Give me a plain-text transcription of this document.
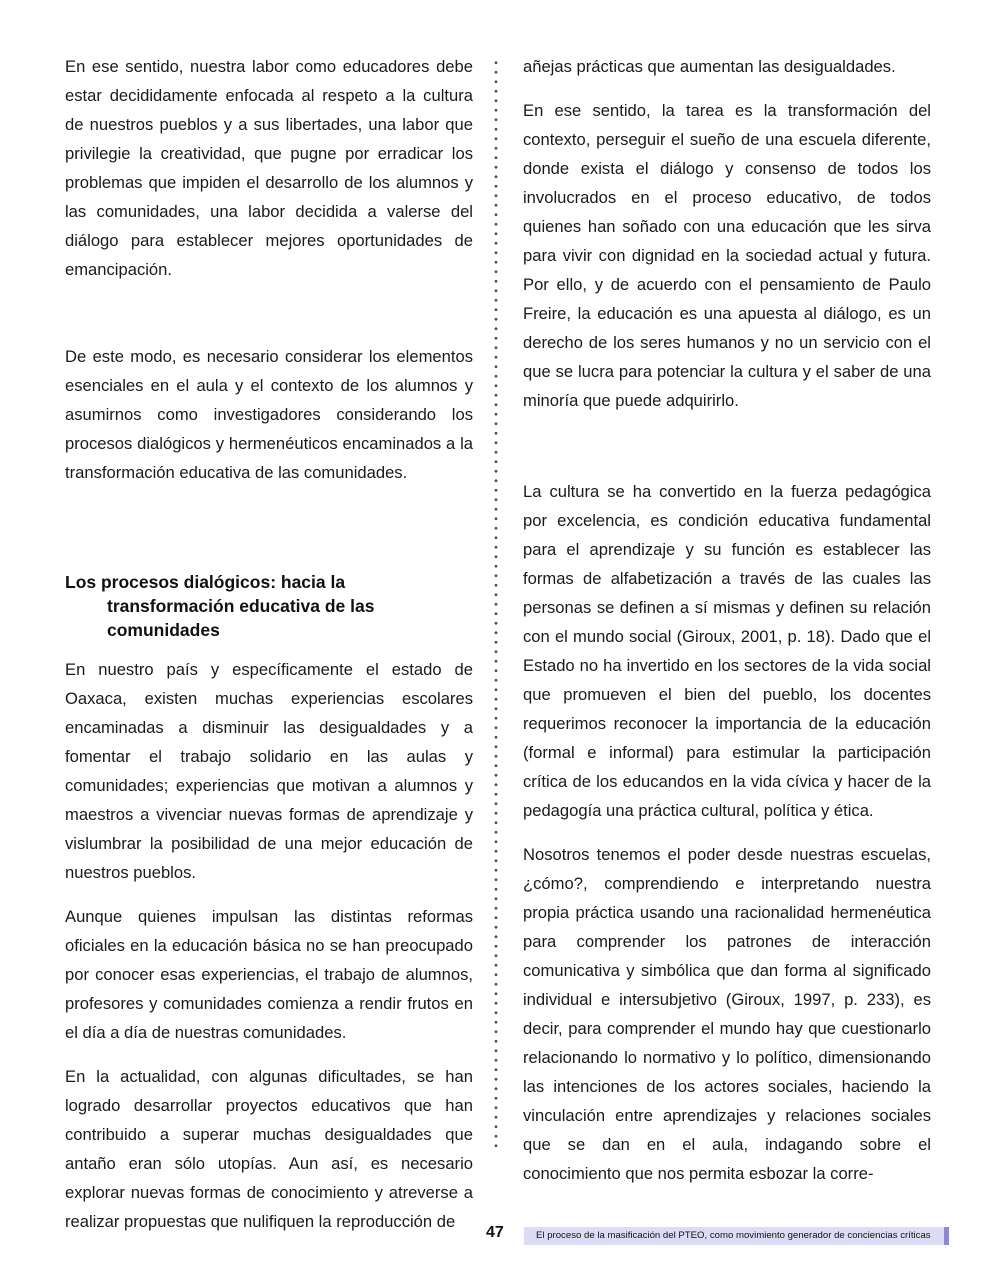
En ese sentido, nuestra labor como educadores debe estar decididamente enfocada al respeto a la cultura de nuestros pueblos y a sus libertades, una labor que privilegie la creatividad, que pugne por erradicar los problemas que impiden el desarrollo de los alumnos y las comunidades, una labor decidida a valerse del diálogo para establecer mejores oportunidades de emancipación.

De este modo, es necesario considerar los elementos esenciales en el aula y el contexto de los alumnos y asumirnos como investigadores considerando los procesos dialógicos y hermenéuticos encaminados a la transformación educativa de las comunidades.

Los procesos dialógicos: hacia la transformación educativa de las comunidades

En nuestro país y específicamente el estado de Oaxaca, existen muchas experiencias escolares encaminadas a disminuir las desigualdades y a fomentar el trabajo solidario en las aulas y comunidades; experiencias que motivan a alumnos y maestros a vivenciar nuevas formas de aprendizaje y vislumbrar la posibilidad de una mejor educación de nuestros pueblos.

Aunque quienes impulsan las distintas reformas oficiales en la educación básica no se han preocupado por conocer esas experiencias, el trabajo de alumnos, profesores y comunidades comienza a rendir frutos en el día a día de nuestras comunidades.

En la actualidad, con algunas dificultades, se han logrado desarrollar proyectos educativos que han contribuido a superar muchas desigualdades que antaño eran sólo utopías. Aun así, es necesario explorar nuevas formas de conocimiento y atreverse a realizar propuestas que nulifiquen la reproducción de

añejas prácticas que aumentan las desigualdades.

En ese sentido, la tarea es la transformación del contexto, perseguir el sueño de una escuela diferente, donde exista el diálogo y consenso de todos los involucrados en el proceso educativo, de todos quienes han soñado con una educación que les sirva para vivir con dignidad en la sociedad actual y futura. Por ello, y de acuerdo con el pensamiento de Paulo Freire, la educación es una apuesta al diálogo, es un derecho de los seres humanos y no un servicio con el que se lucra para potenciar la cultura y el saber de una minoría que puede adquirirlo.

La cultura se ha convertido en la fuerza pedagógica por excelencia, es condición educativa fundamental para el aprendizaje y su función es establecer las formas de alfabetización a través de las cuales las personas se definen a sí mismas y definen su relación con el mundo social (Giroux, 2001, p. 18). Dado que el Estado no ha invertido en los sectores de la vida social que promueven el bien del pueblo, los docentes requerimos reconocer la importancia de la educación (formal e informal) para estimular la participación crítica de los educandos en la vida cívica y hacer de la pedagogía una práctica cultural, política y ética.

Nosotros tenemos el poder desde nuestras escuelas, ¿cómo?, comprendiendo e interpretando nuestra propia práctica usando una racionalidad hermenéutica para comprender los patrones de interacción comunicativa y simbólica que dan forma al significado individual e intersubjetivo (Giroux, 1997, p. 233), es decir, para comprender el mundo hay que cuestionarlo relacionando lo normativo y lo político, dimensionando las intenciones de los actores sociales, haciendo la vinculación entre aprendizajes y relaciones sociales que se dan en el aula, indagando sobre el conocimiento que nos permita esbozar la corre-

47	El proceso de la masificación del PTEO, como movimiento generador de conciencias críticas
